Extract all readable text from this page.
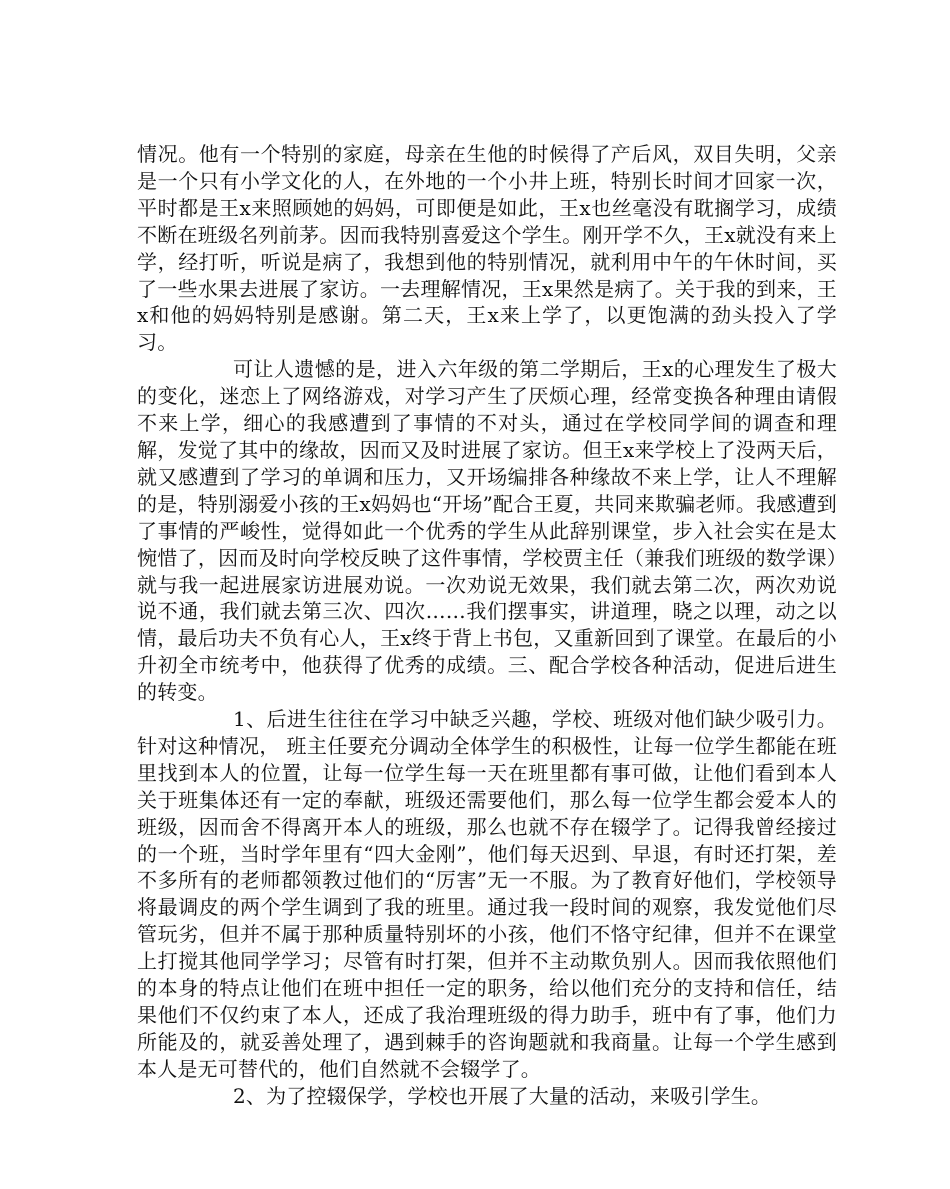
情况。他有一个特别的家庭，母亲在生他的时候得了产后风，双目失明，父亲是一个只有小学文化的人，在外地的一个小井上班，特别长时间才回家一次，平时都是王x来照顾她的妈妈，可即便是如此，王x也丝毫没有耽搁学习，成绩不断在班级名列前茅。因而我特别喜爱这个学生。刚开学不久，王x就没有来上学，经打听，听说是病了，我想到他的特别情况，就利用中午的午休时间，买了一些水果去进展了家访。一去理解情况，王x果然是病了。关于我的到来，王x和他的妈妈特别是感谢。第二天，王x来上学了，以更饱满的劲头投入了学习。

可让人遗憾的是，进入六年级的第二学期后，王x的心理发生了极大的变化，迷恋上了网络游戏，对学习产生了厌烦心理，经常变换各种理由请假不来上学，细心的我感遭到了事情的不对头，通过在学校同学间的调查和理解，发觉了其中的缘故，因而又及时进展了家访。但王x来学校上了没两天后，就又感遭到了学习的单调和压力，又开场编排各种缘故不来上学，让人不理解的是，特别溺爱小孩的王x妈妈也“开场”配合王夏，共同来欺骗老师。我感遭到了事情的严峻性，觉得如此一个优秀的学生从此辞别课堂，步入社会实在是太惋惜了，因而及时向学校反映了这件事情，学校贾主任（兼我们班级的数学课）就与我一起进展家访进展劝说。一次劝说无效果，我们就去第二次，两次劝说说不通，我们就去第三次、四次……我们摆事实，讲道理，晓之以理，动之以情，最后功夫不负有心人，王x终于背上书包，又重新回到了课堂。在最后的小升初全市统考中，他获得了优秀的成绩。三、配合学校各种活动，促进后进生的转变。

1、后进生往往在学习中缺乏兴趣，学校、班级对他们缺少吸引力。针对这种情况， 班主任要充分调动全体学生的积极性，让每一位学生都能在班里找到本人的位置，让每一位学生每一天在班里都有事可做，让他们看到本人关于班集体还有一定的奉献，班级还需要他们，那么每一位学生都会爱本人的班级，因而舍不得离开本人的班级，那么也就不存在辍学了。记得我曾经接过的一个班，当时学年里有“四大金刚”，他们每天迟到、早退，有时还打架，差不多所有的老师都领教过他们的“厉害”无一不服。为了教育好他们，学校领导将最调皮的两个学生调到了我的班里。通过我一段时间的观察，我发觉他们尽管玩劣，但并不属于那种质量特别坏的小孩，他们不恪守纪律，但并不在课堂上打搅其他同学学习；尽管有时打架，但并不主动欺负别人。因而我依照他们的本身的特点让他们在班中担任一定的职务，给以他们充分的支持和信任，结果他们不仅约束了本人，还成了我治理班级的得力助手，班中有了事，他们力所能及的，就妥善处理了，遇到棘手的咨询题就和我商量。让每一个学生感到本人是无可替代的，他们自然就不会辍学了。

2、为了控辍保学，学校也开展了大量的活动，来吸引学生。
